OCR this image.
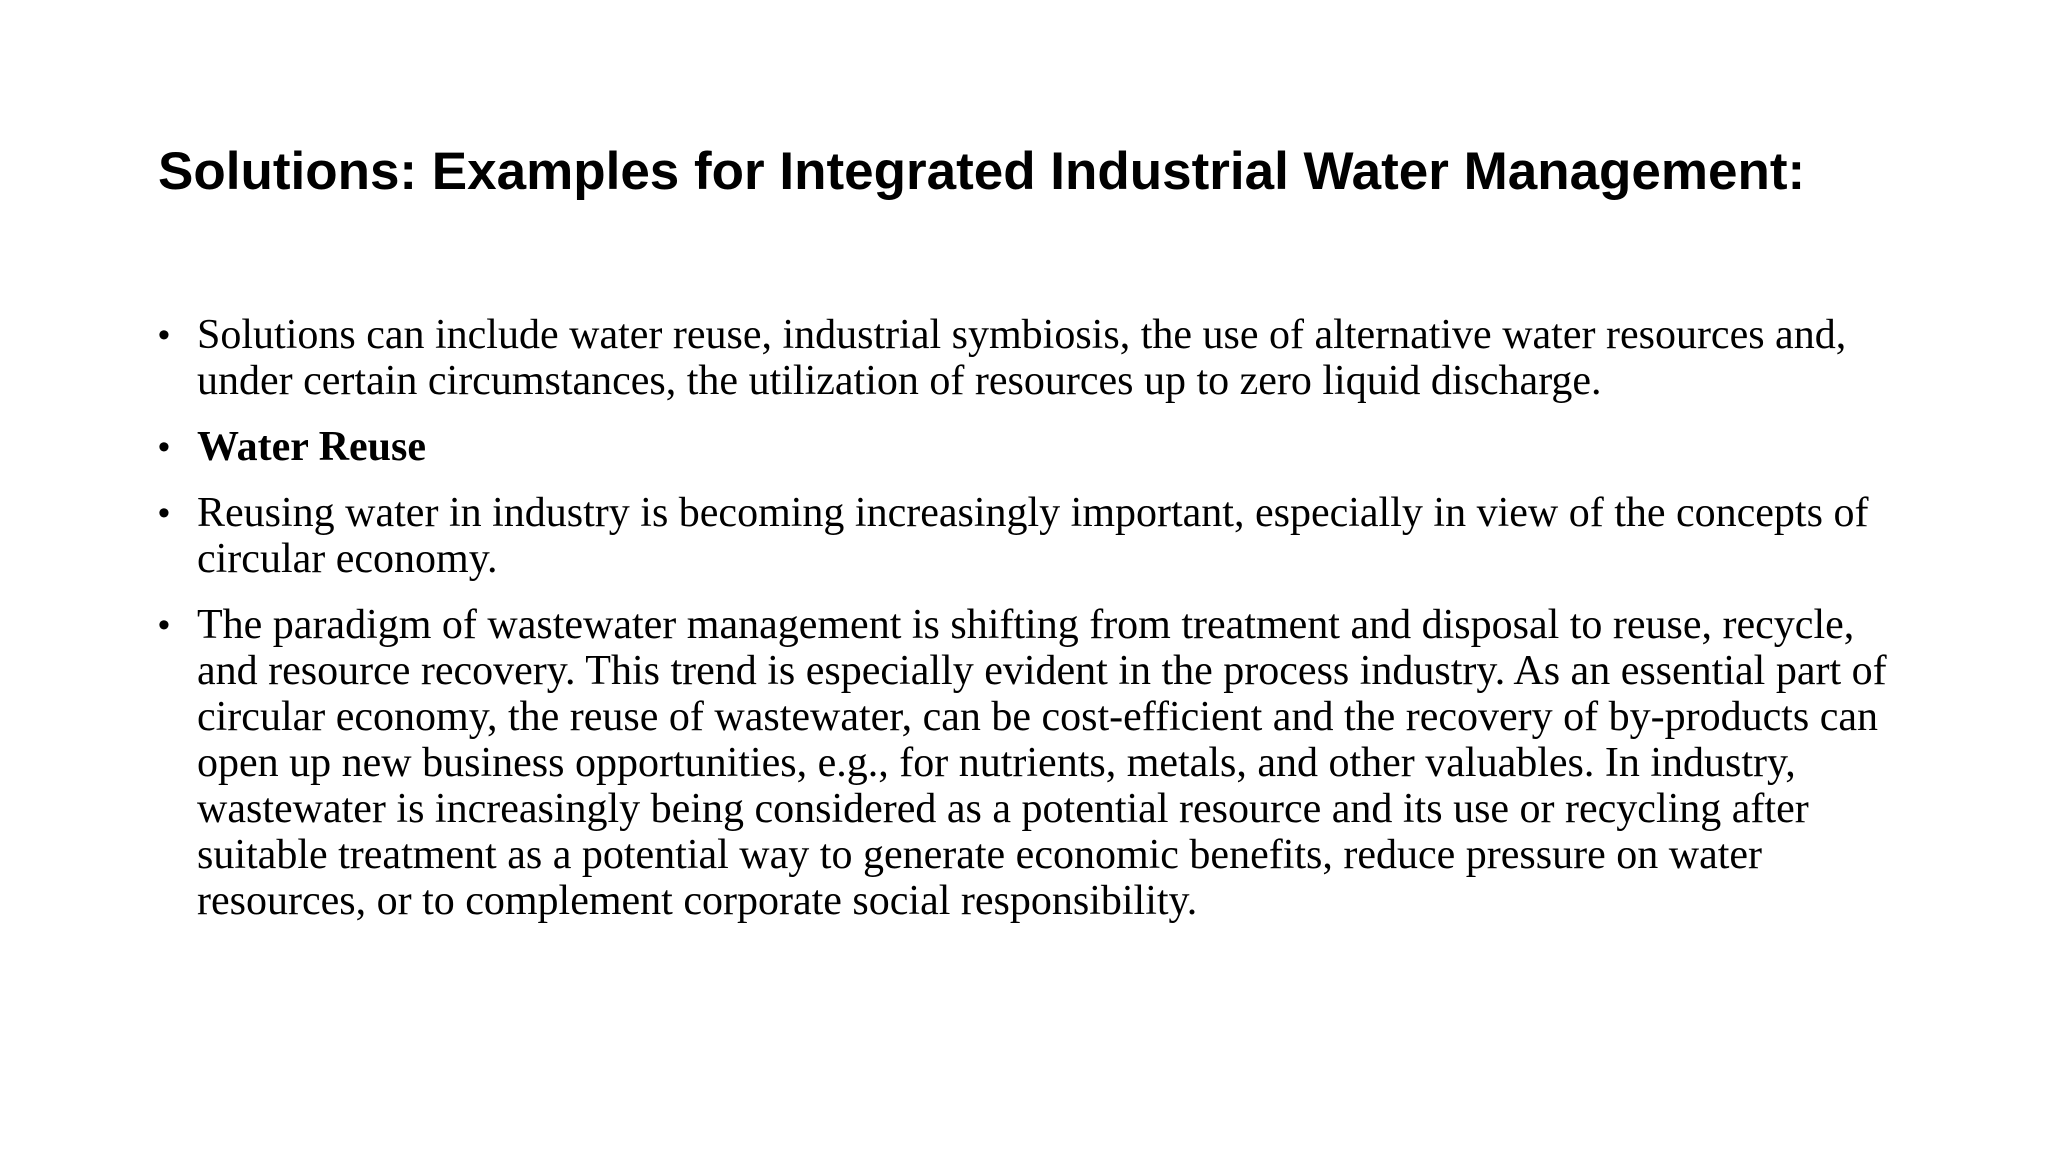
Solutions: Examples for Integrated Industrial Water Management:
• Solutions can include water reuse, industrial symbiosis, the use of alternative water resources and, under certain circumstances, the utilization of resources up to zero liquid discharge.
• Water Reuse
• Reusing water in industry is becoming increasingly important, especially in view of the concepts of circular economy.
• The paradigm of wastewater management is shifting from treatment and disposal to reuse, recycle, and resource recovery. This trend is especially evident in the process industry. As an essential part of circular economy, the reuse of wastewater, can be cost-efficient and the recovery of by-products can open up new business opportunities, e.g., for nutrients, metals, and other valuables. In industry, wastewater is increasingly being considered as a potential resource and its use or recycling after suitable treatment as a potential way to generate economic benefits, reduce pressure on water resources, or to complement corporate social responsibility.
